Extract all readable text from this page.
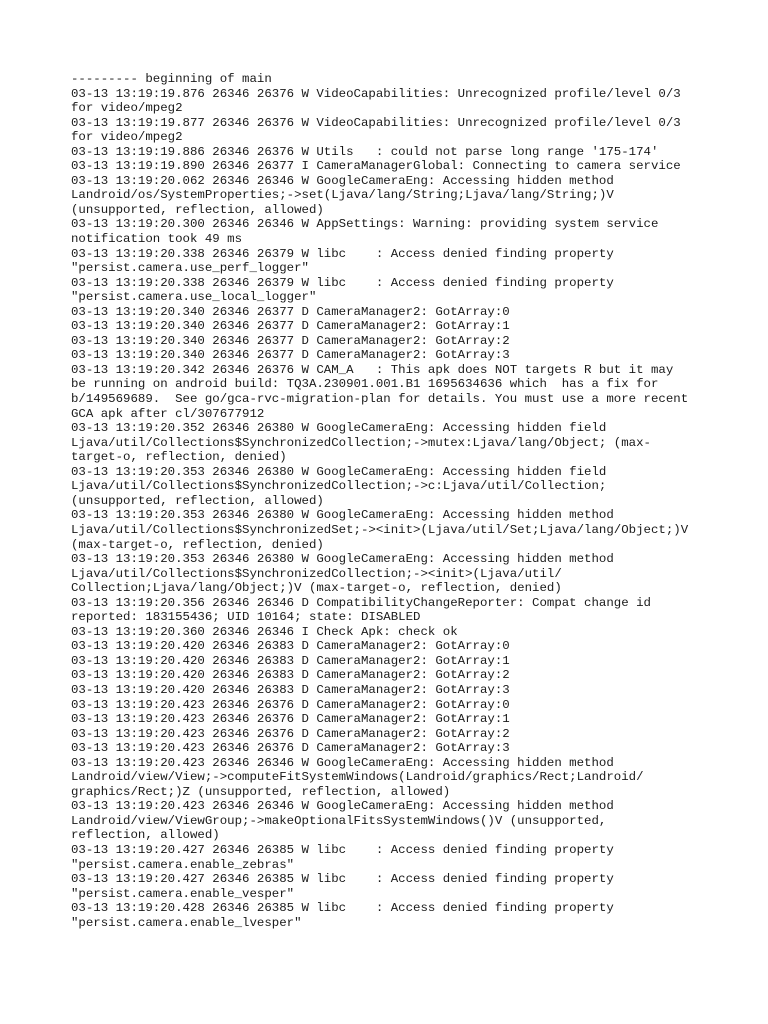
--------- beginning of main
03-13 13:19:19.876 26346 26376 W VideoCapabilities: Unrecognized profile/level 0/3
for video/mpeg2
03-13 13:19:19.877 26346 26376 W VideoCapabilities: Unrecognized profile/level 0/3
for video/mpeg2
03-13 13:19:19.886 26346 26376 W Utils   : could not parse long range '175-174'
03-13 13:19:19.890 26346 26377 I CameraManagerGlobal: Connecting to camera service
03-13 13:19:20.062 26346 26346 W GoogleCameraEng: Accessing hidden method
Landroid/os/SystemProperties;->set(Ljava/lang/String;Ljava/lang/String;)V
(unsupported, reflection, allowed)
03-13 13:19:20.300 26346 26346 W AppSettings: Warning: providing system service
notification took 49 ms
03-13 13:19:20.338 26346 26379 W libc    : Access denied finding property
"persist.camera.use_perf_logger"
03-13 13:19:20.338 26346 26379 W libc    : Access denied finding property
"persist.camera.use_local_logger"
03-13 13:19:20.340 26346 26377 D CameraManager2: GotArray:0
03-13 13:19:20.340 26346 26377 D CameraManager2: GotArray:1
03-13 13:19:20.340 26346 26377 D CameraManager2: GotArray:2
03-13 13:19:20.340 26346 26377 D CameraManager2: GotArray:3
03-13 13:19:20.342 26346 26376 W CAM_A   : This apk does NOT targets R but it may
be running on android build: TQ3A.230901.001.B1 1695634636 which  has a fix for
b/149569689.  See go/gca-rvc-migration-plan for details. You must use a more recent
GCA apk after cl/307677912
03-13 13:19:20.352 26346 26380 W GoogleCameraEng: Accessing hidden field
Ljava/util/Collections$SynchronizedCollection;->mutex:Ljava/lang/Object; (max-
target-o, reflection, denied)
03-13 13:19:20.353 26346 26380 W GoogleCameraEng: Accessing hidden field
Ljava/util/Collections$SynchronizedCollection;->c:Ljava/util/Collection;
(unsupported, reflection, allowed)
03-13 13:19:20.353 26346 26380 W GoogleCameraEng: Accessing hidden method
Ljava/util/Collections$SynchronizedSet;-><init>(Ljava/util/Set;Ljava/lang/Object;)V
(max-target-o, reflection, denied)
03-13 13:19:20.353 26346 26380 W GoogleCameraEng: Accessing hidden method
Ljava/util/Collections$SynchronizedCollection;-><init>(Ljava/util/
Collection;Ljava/lang/Object;)V (max-target-o, reflection, denied)
03-13 13:19:20.356 26346 26346 D CompatibilityChangeReporter: Compat change id
reported: 183155436; UID 10164; state: DISABLED
03-13 13:19:20.360 26346 26346 I Check Apk: check ok
03-13 13:19:20.420 26346 26383 D CameraManager2: GotArray:0
03-13 13:19:20.420 26346 26383 D CameraManager2: GotArray:1
03-13 13:19:20.420 26346 26383 D CameraManager2: GotArray:2
03-13 13:19:20.420 26346 26383 D CameraManager2: GotArray:3
03-13 13:19:20.423 26346 26376 D CameraManager2: GotArray:0
03-13 13:19:20.423 26346 26376 D CameraManager2: GotArray:1
03-13 13:19:20.423 26346 26376 D CameraManager2: GotArray:2
03-13 13:19:20.423 26346 26376 D CameraManager2: GotArray:3
03-13 13:19:20.423 26346 26346 W GoogleCameraEng: Accessing hidden method
Landroid/view/View;->computeFitSystemWindows(Landroid/graphics/Rect;Landroid/
graphics/Rect;)Z (unsupported, reflection, allowed)
03-13 13:19:20.423 26346 26346 W GoogleCameraEng: Accessing hidden method
Landroid/view/ViewGroup;->makeOptionalFitsSystemWindows()V (unsupported,
reflection, allowed)
03-13 13:19:20.427 26346 26385 W libc    : Access denied finding property
"persist.camera.enable_zebras"
03-13 13:19:20.427 26346 26385 W libc    : Access denied finding property
"persist.camera.enable_vesper"
03-13 13:19:20.428 26346 26385 W libc    : Access denied finding property
"persist.camera.enable_lvesper"
